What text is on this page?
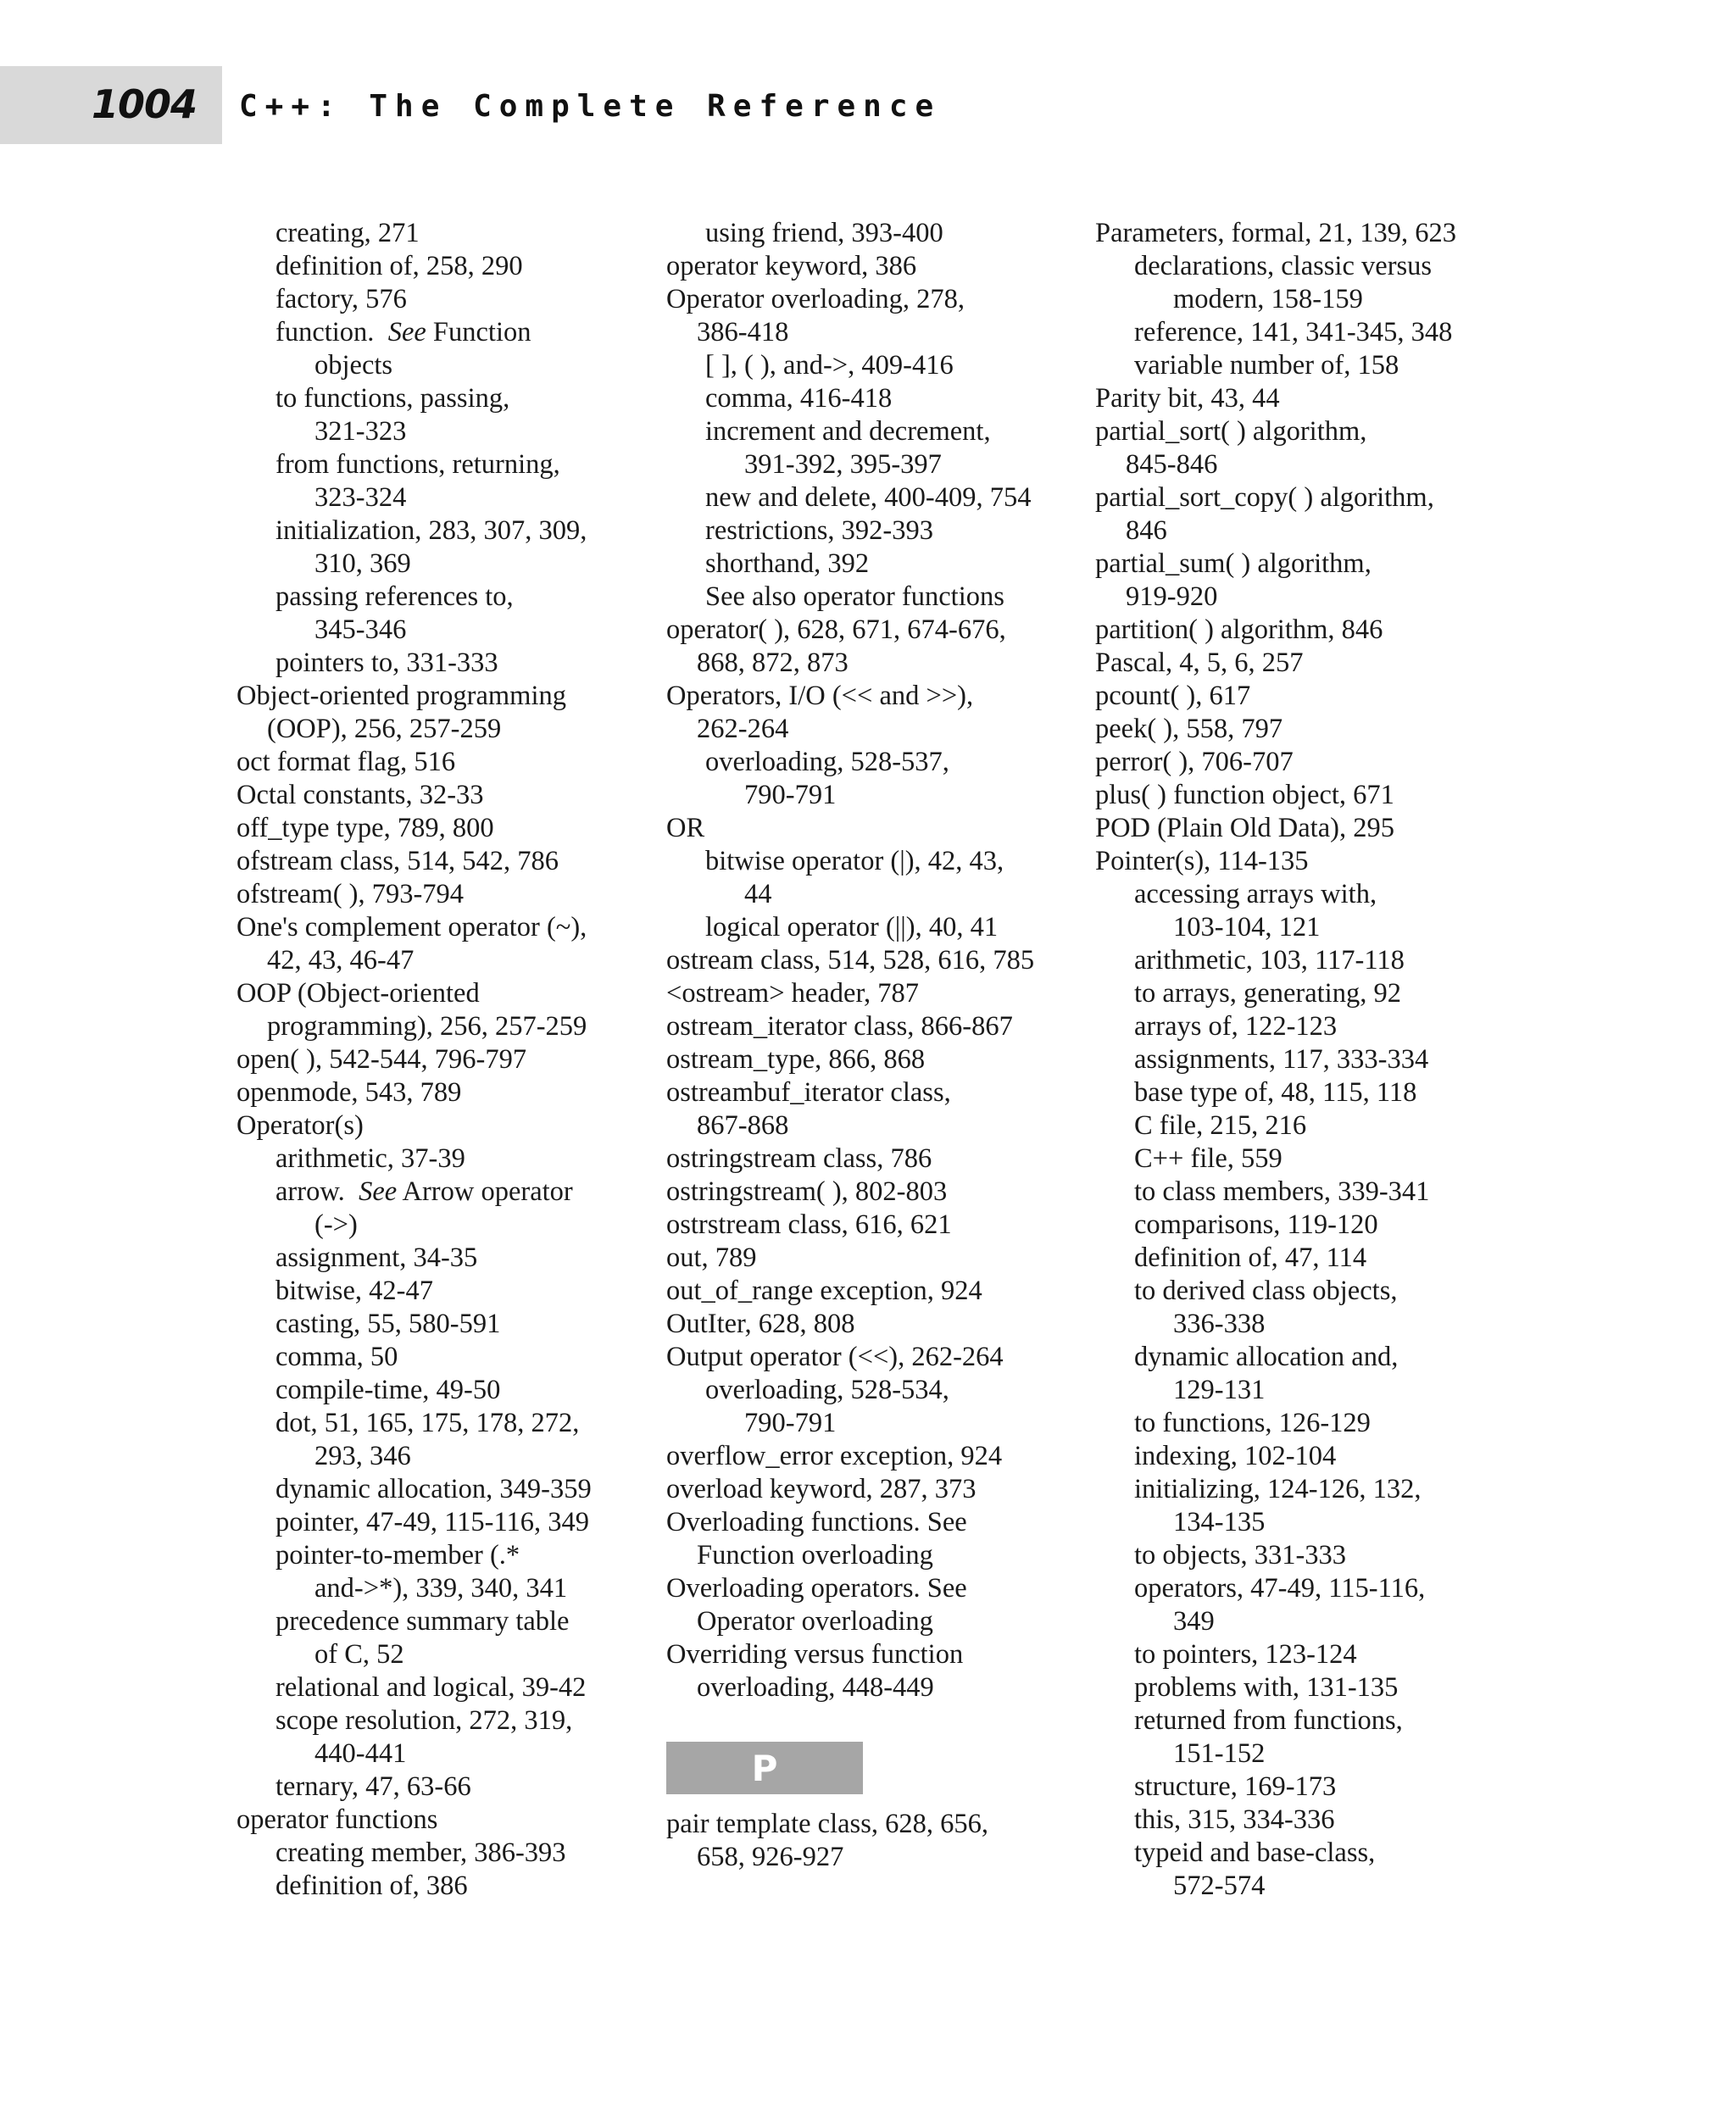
1004 C++: The Complete Reference
creating, 271
definition of, 258, 290
factory, 576
function. See Function
objects
to functions, passing,
321-323
from functions, returning,
323-324
initialization, 283, 307, 309,
310, 369
passing references to,
345-346
pointers to, 331-333
Object-oriented programming
(OOP), 256, 257-259
oct format flag, 516
Octal constants, 32-33
off_type type, 789, 800
ofstream class, 514, 542, 786
ofstream( ), 793-794
One's complement operator (~),
42, 43, 46-47
OOP (Object-oriented
programming), 256, 257-259
open( ), 542-544, 796-797
openmode, 543, 789
Operator(s)
arithmetic, 37-39
arrow. See Arrow operator
(->)
assignment, 34-35
bitwise, 42-47
casting, 55, 580-591
comma, 50
compile-time, 49-50
dot, 51, 165, 175, 178, 272,
293, 346
dynamic allocation, 349-359
pointer, 47-49, 115-116, 349
pointer-to-member (.*
and->*), 339, 340, 341
precedence summary table
of C, 52
relational and logical, 39-42
scope resolution, 272, 319,
440-441
ternary, 47, 63-66
operator functions
creating member, 386-393
definition of, 386
using friend, 393-400
operator keyword, 386
Operator overloading, 278,
386-418
[ ], ( ), and->, 409-416
comma, 416-418
increment and decrement,
391-392, 395-397
new and delete, 400-409, 754
restrictions, 392-393
shorthand, 392
See also operator functions
operator( ), 628, 671, 674-676,
868, 872, 873
Operators, I/O (<< and >>),
262-264
overloading, 528-537,
790-791
OR
bitwise operator (|), 42, 43,
44
logical operator (||), 40, 41
ostream class, 514, 528, 616, 785
<ostream> header, 787
ostream_iterator class, 866-867
ostream_type, 866, 868
ostreambuf_iterator class,
867-868
ostringstream class, 786
ostringstream( ), 802-803
ostrstream class, 616, 621
out, 789
out_of_range exception, 924
OutIter, 628, 808
Output operator (<<), 262-264
overloading, 528-534,
790-791
overflow_error exception, 924
overload keyword, 287, 373
Overloading functions. See
Function overloading
Overloading operators. See
Operator overloading
Overriding versus function
overloading, 448-449
P
pair template class, 628, 656,
658, 926-927
Parameters, formal, 21, 139, 623
declarations, classic versus
modern, 158-159
reference, 141, 341-345, 348
variable number of, 158
Parity bit, 43, 44
partial_sort( ) algorithm,
845-846
partial_sort_copy( ) algorithm,
846
partial_sum( ) algorithm,
919-920
partition( ) algorithm, 846
Pascal, 4, 5, 6, 257
pcount( ), 617
peek( ), 558, 797
perror( ), 706-707
plus( ) function object, 671
POD (Plain Old Data), 295
Pointer(s), 114-135
accessing arrays with,
103-104, 121
arithmetic, 103, 117-118
to arrays, generating, 92
arrays of, 122-123
assignments, 117, 333-334
base type of, 48, 115, 118
C file, 215, 216
C++ file, 559
to class members, 339-341
comparisons, 119-120
definition of, 47, 114
to derived class objects,
336-338
dynamic allocation and,
129-131
to functions, 126-129
indexing, 102-104
initializing, 124-126, 132,
134-135
to objects, 331-333
operators, 47-49, 115-116,
349
to pointers, 123-124
problems with, 131-135
returned from functions,
151-152
structure, 169-173
this, 315, 334-336
typeid and base-class,
572-574
